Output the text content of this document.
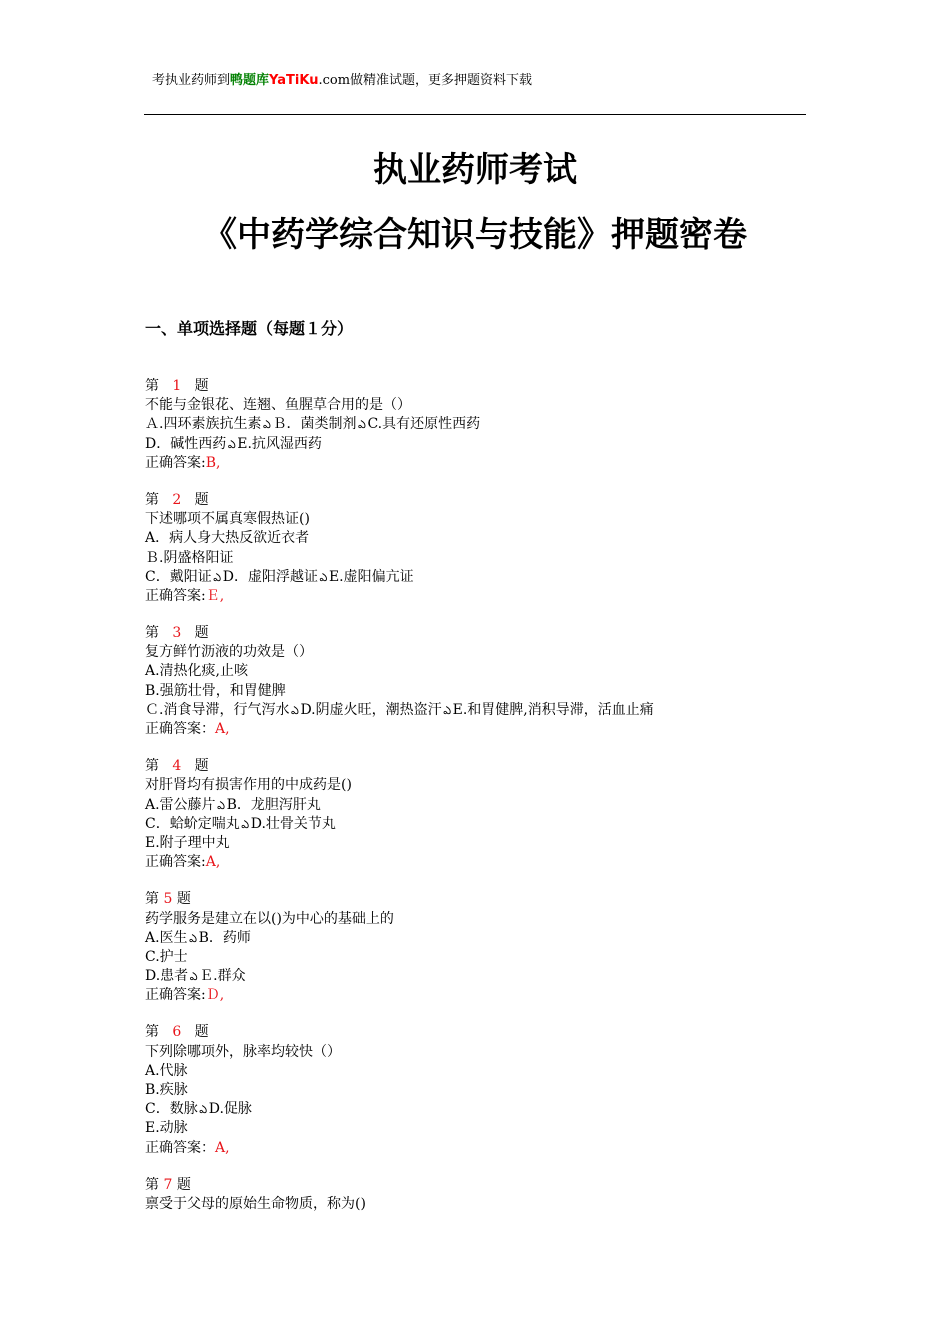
考执业药师到鸭题库YaTiKu.com做精准试题，更多押题资料下载
执业药师考试
《中药学综合知识与技能》押题密卷
一、单项选择题（每题１分）
第 1 题
不能与金银花、连翘、鱼腥草合用的是（）
Ａ.四环素族抗生素 ఎ Ｂ．菌类制剂 ఎ C.具有还原性西药
D．碱性西药 ఎ E.抗风湿西药
正确答案:B,
第 2 题
下述哪项不属真寒假热证()
A．病人身大热反欲近衣者
Ｂ.阴盛格阳证
C．戴阳证 ఎ D．虚阳浮越证 ఎ E.虚阳偏亢证
正确答案:Ｅ,
第 3 题
复方鲜竹沥液的功效是（）
A.清热化痰,止咳
B.强筋壮骨，和胃健脾
Ｃ.消食导滞，行气泻水 ఎ D.阴虚火旺，潮热盗汗 ఎ E.和胃健脾,消积导滞，活血止痛
正确答案：A,
第 4 题
对肝肾均有损害作用的中成药是()
A.雷公藤片 ఎ B．龙胆泻肝丸
C．蛤蚧定喘丸 ఎ D.壮骨关节丸
E.附子理中丸
正确答案:A,
第 5 题
药学服务是建立在以()为中心的基础上的
A.医生 ఎ B．药师
C.护士
D.患者 ఎ Ｅ.群众
正确答案:Ｄ,
第 6 题
下列除哪项外，脉率均较快（）
A.代脉
B.疾脉
C．数脉 ఎ D.促脉
E.动脉
正确答案：A,
第 7 题
禀受于父母的原始生命物质，称为()
